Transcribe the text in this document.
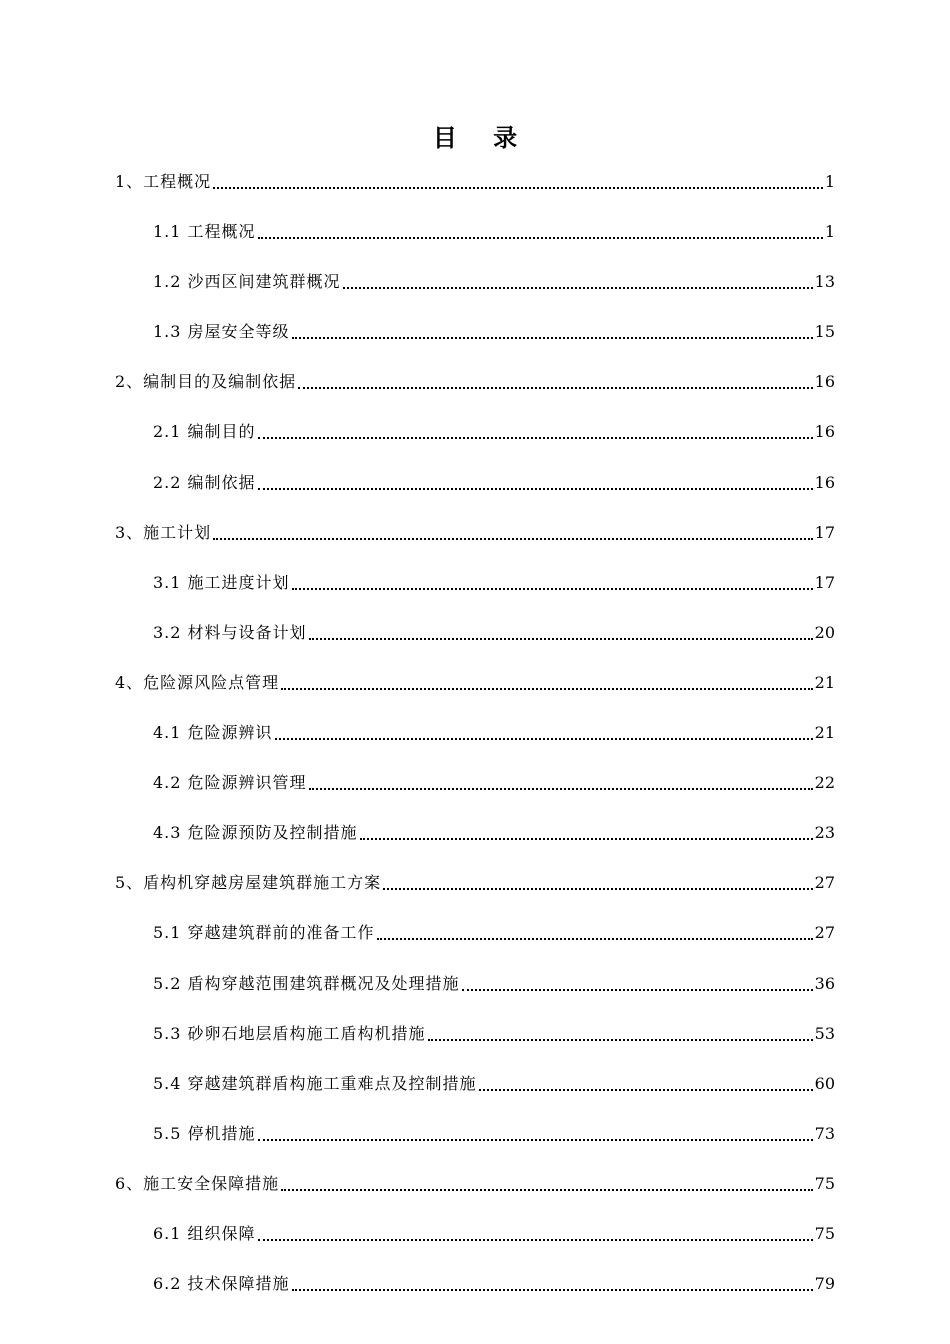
目 录
1、工程概况	1
1.1 工程概况	1
1.2 沙西区间建筑群概况	13
1.3 房屋安全等级	15
2、编制目的及编制依据	16
2.1 编制目的	16
2.2 编制依据	16
3、施工计划	17
3.1 施工进度计划	17
3.2 材料与设备计划	20
4、危险源风险点管理	21
4.1 危险源辨识	21
4.2 危险源辨识管理	22
4.3 危险源预防及控制措施	23
5、盾构机穿越房屋建筑群施工方案	27
5.1 穿越建筑群前的准备工作	27
5.2 盾构穿越范围建筑群概况及处理措施	36
5.3 砂卵石地层盾构施工盾构机措施	53
5.4 穿越建筑群盾构施工重难点及控制措施	60
5.5 停机措施	73
6、施工安全保障措施	75
6.1 组织保障	75
6.2 技术保障措施	79
